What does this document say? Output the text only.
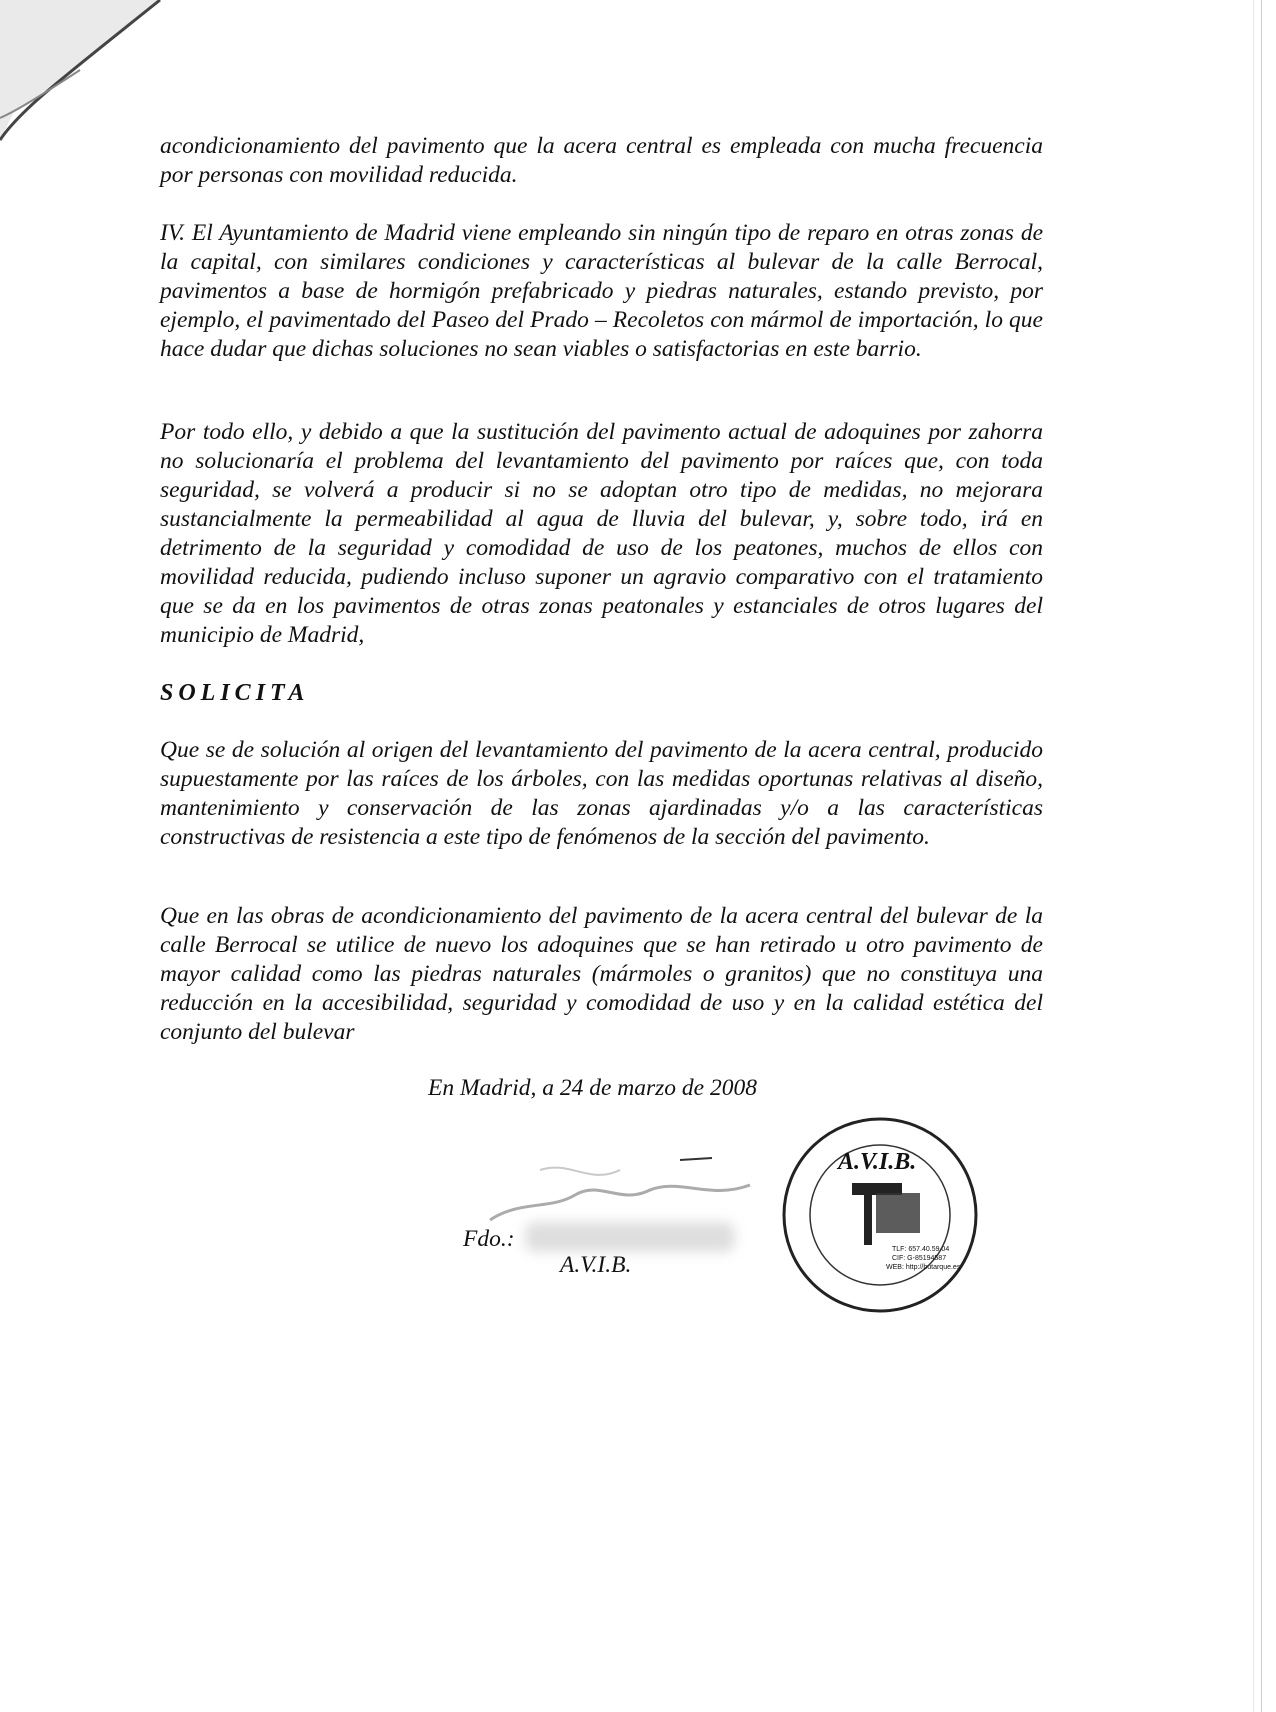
acondicionamiento del pavimento que la acera central es empleada con mucha frecuencia por personas con movilidad reducida.

IV. El Ayuntamiento de Madrid viene empleando sin ningún tipo de reparo en otras zonas de la capital, con similares condiciones y características al bulevar de la calle Berrocal, pavimentos a base de hormigón prefabricado y piedras naturales, estando previsto, por ejemplo, el pavimentado del Paseo del Prado – Recoletos con mármol de importación, lo que hace dudar que dichas soluciones no sean viables o satisfactorias en este barrio.

Por todo ello, y debido a que la sustitución del pavimento actual de adoquines por zahorra no solucionaría el problema del levantamiento del pavimento por raíces que, con toda seguridad, se volverá a producir si no se adoptan otro tipo de medidas, no mejorara sustancialmente la permeabilidad al agua de lluvia del bulevar, y, sobre todo, irá en detrimento de la seguridad y comodidad de uso de los peatones, muchos de ellos con movilidad reducida, pudiendo incluso suponer un agravio comparativo con el tratamiento que se da en los pavimentos de otras zonas peatonales y estanciales de otros lugares del municipio de Madrid,

SOLICITA

Que se de solución al origen del levantamiento del pavimento de la acera central, producido supuestamente por las raíces de los árboles, con las medidas oportunas relativas al diseño, mantenimiento y conservación de las zonas ajardinadas y/o a las características constructivas de resistencia a este tipo de fenómenos de la sección del pavimento.

Que en las obras de acondicionamiento del pavimento de la acera central del bulevar de la calle Berrocal se utilice de nuevo los adoquines que se han retirado u otro pavimento de mayor calidad como las piedras naturales (mármoles o granitos) que no constituya una reducción en la accesibilidad, seguridad y comodidad de uso y en la calidad estética del conjunto del bulevar

En Madrid, a 24 de marzo de 2008

Fdo.:

A.V.I.B.

A.V.I.B.
TLF: 657.40.59.04
CIF: G-85194587
WEB: http://butarque.es
